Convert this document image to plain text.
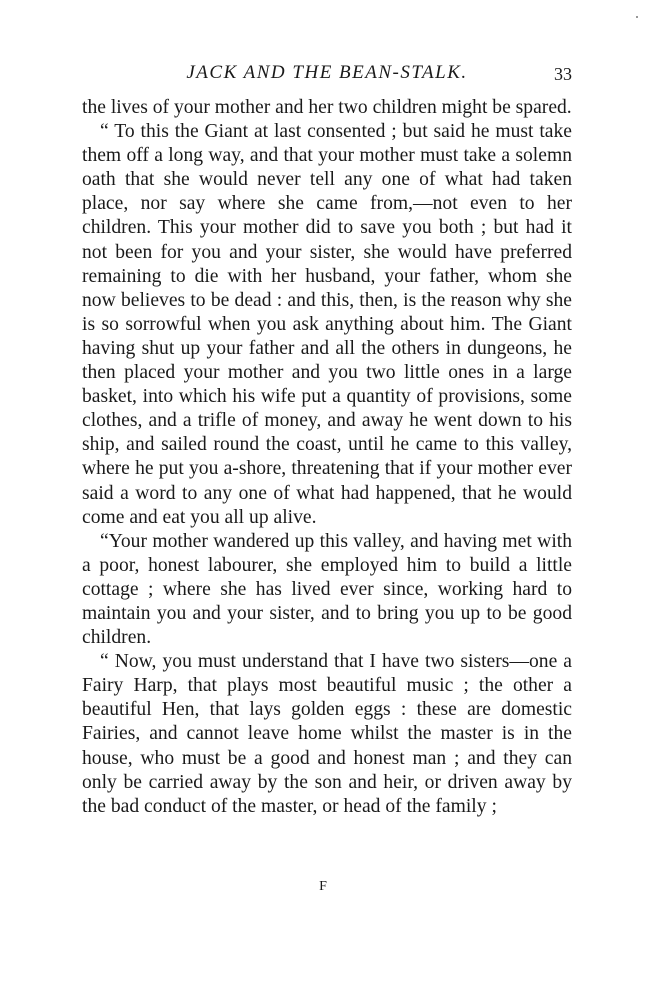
JACK AND THE BEAN-STALK.	33

the lives of your mother and her two children might be spared.

“ To this the Giant at last consented ; but said he must take them off a long way, and that your mother must take a solemn oath that she would never tell any one of what had taken place, nor say where she came from,—not even to her children. This your mother did to save you both ; but had it not been for you and your sister, she would have preferred remaining to die with her husband, your father, whom she now believes to be dead : and this, then, is the reason why she is so sorrowful when you ask anything about him. The Giant having shut up your father and all the others in dungeons, he then placed your mother and you two little ones in a large basket, into which his wife put a quantity of provisions, some clothes, and a trifle of money, and away he went down to his ship, and sailed round the coast, until he came to this valley, where he put you a-shore, threatening that if your mother ever said a word to any one of what had happened, that he would come and eat you all up alive.

“Your mother wandered up this valley, and having met with a poor, honest labourer, she employed him to build a little cottage ; where she has lived ever since, working hard to maintain you and your sister, and to bring you up to be good children.

“ Now, you must understand that I have two sisters—one a Fairy Harp, that plays most beautiful music ; the other a beautiful Hen, that lays golden eggs : these are domestic Fairies, and cannot leave home whilst the master is in the house, who must be a good and honest man ; and they can only be carried away by the son and heir, or driven away by the bad conduct of the master, or head of the family ;

F
